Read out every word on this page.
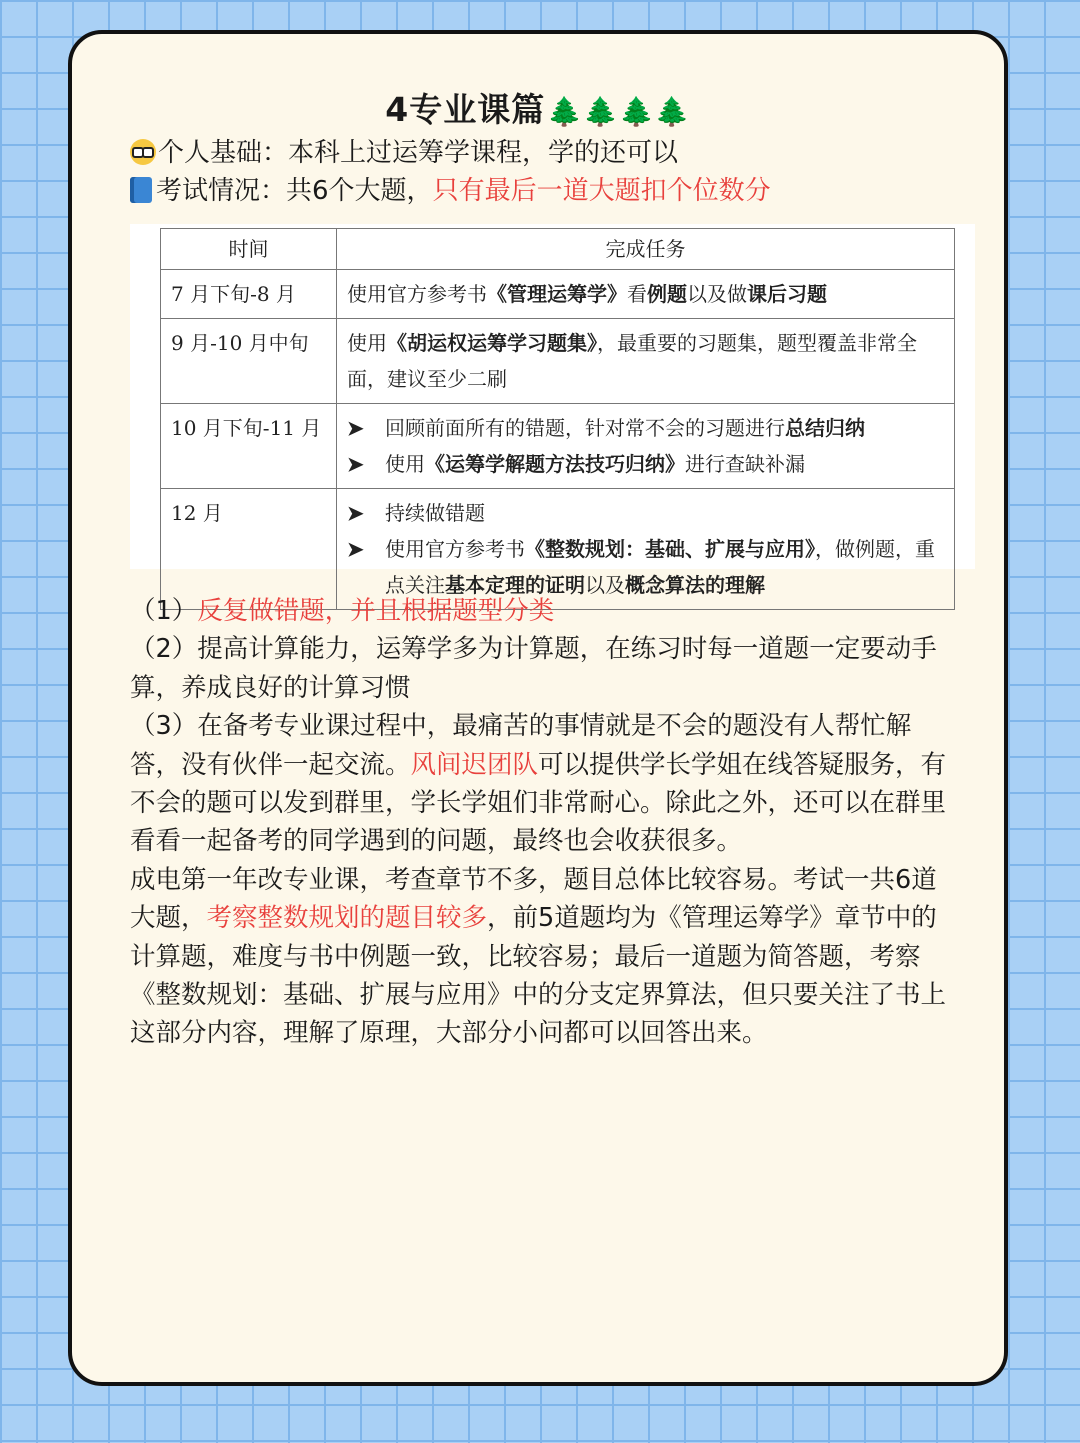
4专业课篇🌲🌲🌲🌲
个人基础：本科上过运筹学课程，学的还可以
考试情况：共6个大题，只有最后一道大题扣个位数分
时间	完成任务
7 月下旬-8 月	使用官方参考书《管理运筹学》看例题以及做课后习题
9 月-10 月中旬	使用《胡运权运筹学习题集》，最重要的习题集，题型覆盖非常全面，建议至少二刷
10 月下旬-11 月	➤ 回顾前面所有的错题，针对常不会的习题进行总结归纳
➤ 使用《运筹学解题方法技巧归纳》进行查缺补漏

12 月	➤ 持续做错题
➤ 使用官方参考书《整数规划：基础、扩展与应用》，做例题，重点关注基本定理的证明以及概念算法的理解

（1）反复做错题，并且根据题型分类

（2）提高计算能力，运筹学多为计算题，在练习时每一道题一定要动手算，养成良好的计算习惯

（3）在备考专业课过程中，最痛苦的事情就是不会的题没有人帮忙解答，没有伙伴一起交流。风间迟团队可以提供学长学姐在线答疑服务，有不会的题可以发到群里，学长学姐们非常耐心。除此之外，还可以在群里看看一起备考的同学遇到的问题，最终也会收获很多。

成电第一年改专业课，考查章节不多，题目总体比较容易。考试一共6道大题，考察整数规划的题目较多，前5道题均为《管理运筹学》章节中的计算题，难度与书中例题一致，比较容易；最后一道题为简答题，考察《整数规划：基础、扩展与应用》中的分支定界算法，但只要关注了书上这部分内容，理解了原理，大部分小问都可以回答出来。
